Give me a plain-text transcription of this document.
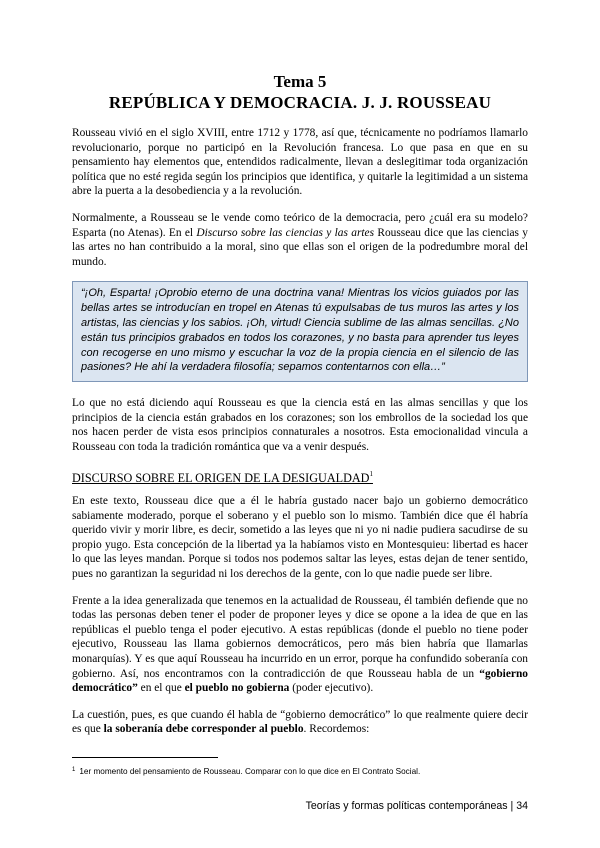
Tema 5
REPÚBLICA Y DEMOCRACIA. J. J. ROUSSEAU

Rousseau vivió en el siglo XVIII, entre 1712 y 1778, así que, técnicamente no podríamos llamarlo revolucionario, porque no participó en la Revolución francesa. Lo que pasa en que en su pensamiento hay elementos que, entendidos radicalmente, llevan a deslegitimar toda organización política que no esté regida según los principios que identifica, y quitarle la legitimidad a un sistema abre la puerta a la desobediencia y a la revolución.

Normalmente, a Rousseau se le vende como teórico de la democracia, pero ¿cuál era su modelo? Esparta (no Atenas). En el Discurso sobre las ciencias y las artes Rousseau dice que las ciencias y las artes no han contribuido a la moral, sino que ellas son el origen de la podredumbre moral del mundo.

“¡Oh, Esparta! ¡Oprobio eterno de una doctrina vana! Mientras los vicios guiados por las bellas artes se introducían en tropel en Atenas tú expulsabas de tus muros las artes y los artistas, las ciencias y los sabios. ¡Oh, virtud! Ciencia sublime de las almas sencillas. ¿No están tus principios grabados en todos los corazones, y no basta para aprender tus leyes con recogerse en uno mismo y escuchar la voz de la propia ciencia en el silencio de las pasiones? He ahí la verdadera filosofía; sepamos contentarnos con ella…”

Lo que no está diciendo aquí Rousseau es que la ciencia está en las almas sencillas y que los principios de la ciencia están grabados en los corazones; son los embrollos de la sociedad los que nos hacen perder de vista esos principios connaturales a nosotros. Esta emocionalidad vincula a Rousseau con toda la tradición romántica que va a venir después.

DISCURSO SOBRE EL ORIGEN DE LA DESIGUALDAD$^1$

En este texto, Rousseau dice que a él le habría gustado nacer bajo un gobierno democrático sabiamente moderado, porque el soberano y el pueblo son lo mismo. También dice que él habría querido vivir y morir libre, es decir, sometido a las leyes que ni yo ni nadie pudiera sacudirse de su propio yugo. Esta concepción de la libertad ya la habíamos visto en Montesquieu: libertad es hacer lo que las leyes mandan. Porque si todos nos podemos saltar las leyes, estas dejan de tener sentido, pues no garantizan la seguridad ni los derechos de la gente, con lo que nadie puede ser libre.

Frente a la idea generalizada que tenemos en la actualidad de Rousseau, él también defiende que no todas las personas deben tener el poder de proponer leyes y dice se opone a la idea de que en las repúblicas el pueblo tenga el poder ejecutivo. A estas repúblicas (donde el pueblo no tiene poder ejecutivo, Rousseau las llama gobiernos democráticos, pero más bien habría que llamarlas monarquías). Y es que aquí Rousseau ha incurrido en un error, porque ha confundido soberanía con gobierno. Así, nos encontramos con la contradicción de que Rousseau habla de un “gobierno democrático” en el que el pueblo no gobierna (poder ejecutivo).

La cuestión, pues, es que cuando él habla de “gobierno democrático” lo que realmente quiere decir es que la soberanía debe corresponder al pueblo. Recordemos:

$^1$ 1er momento del pensamiento de Rousseau. Comparar con lo que dice en El Contrato Social.
Teorías y formas políticas contemporáneas | 34
